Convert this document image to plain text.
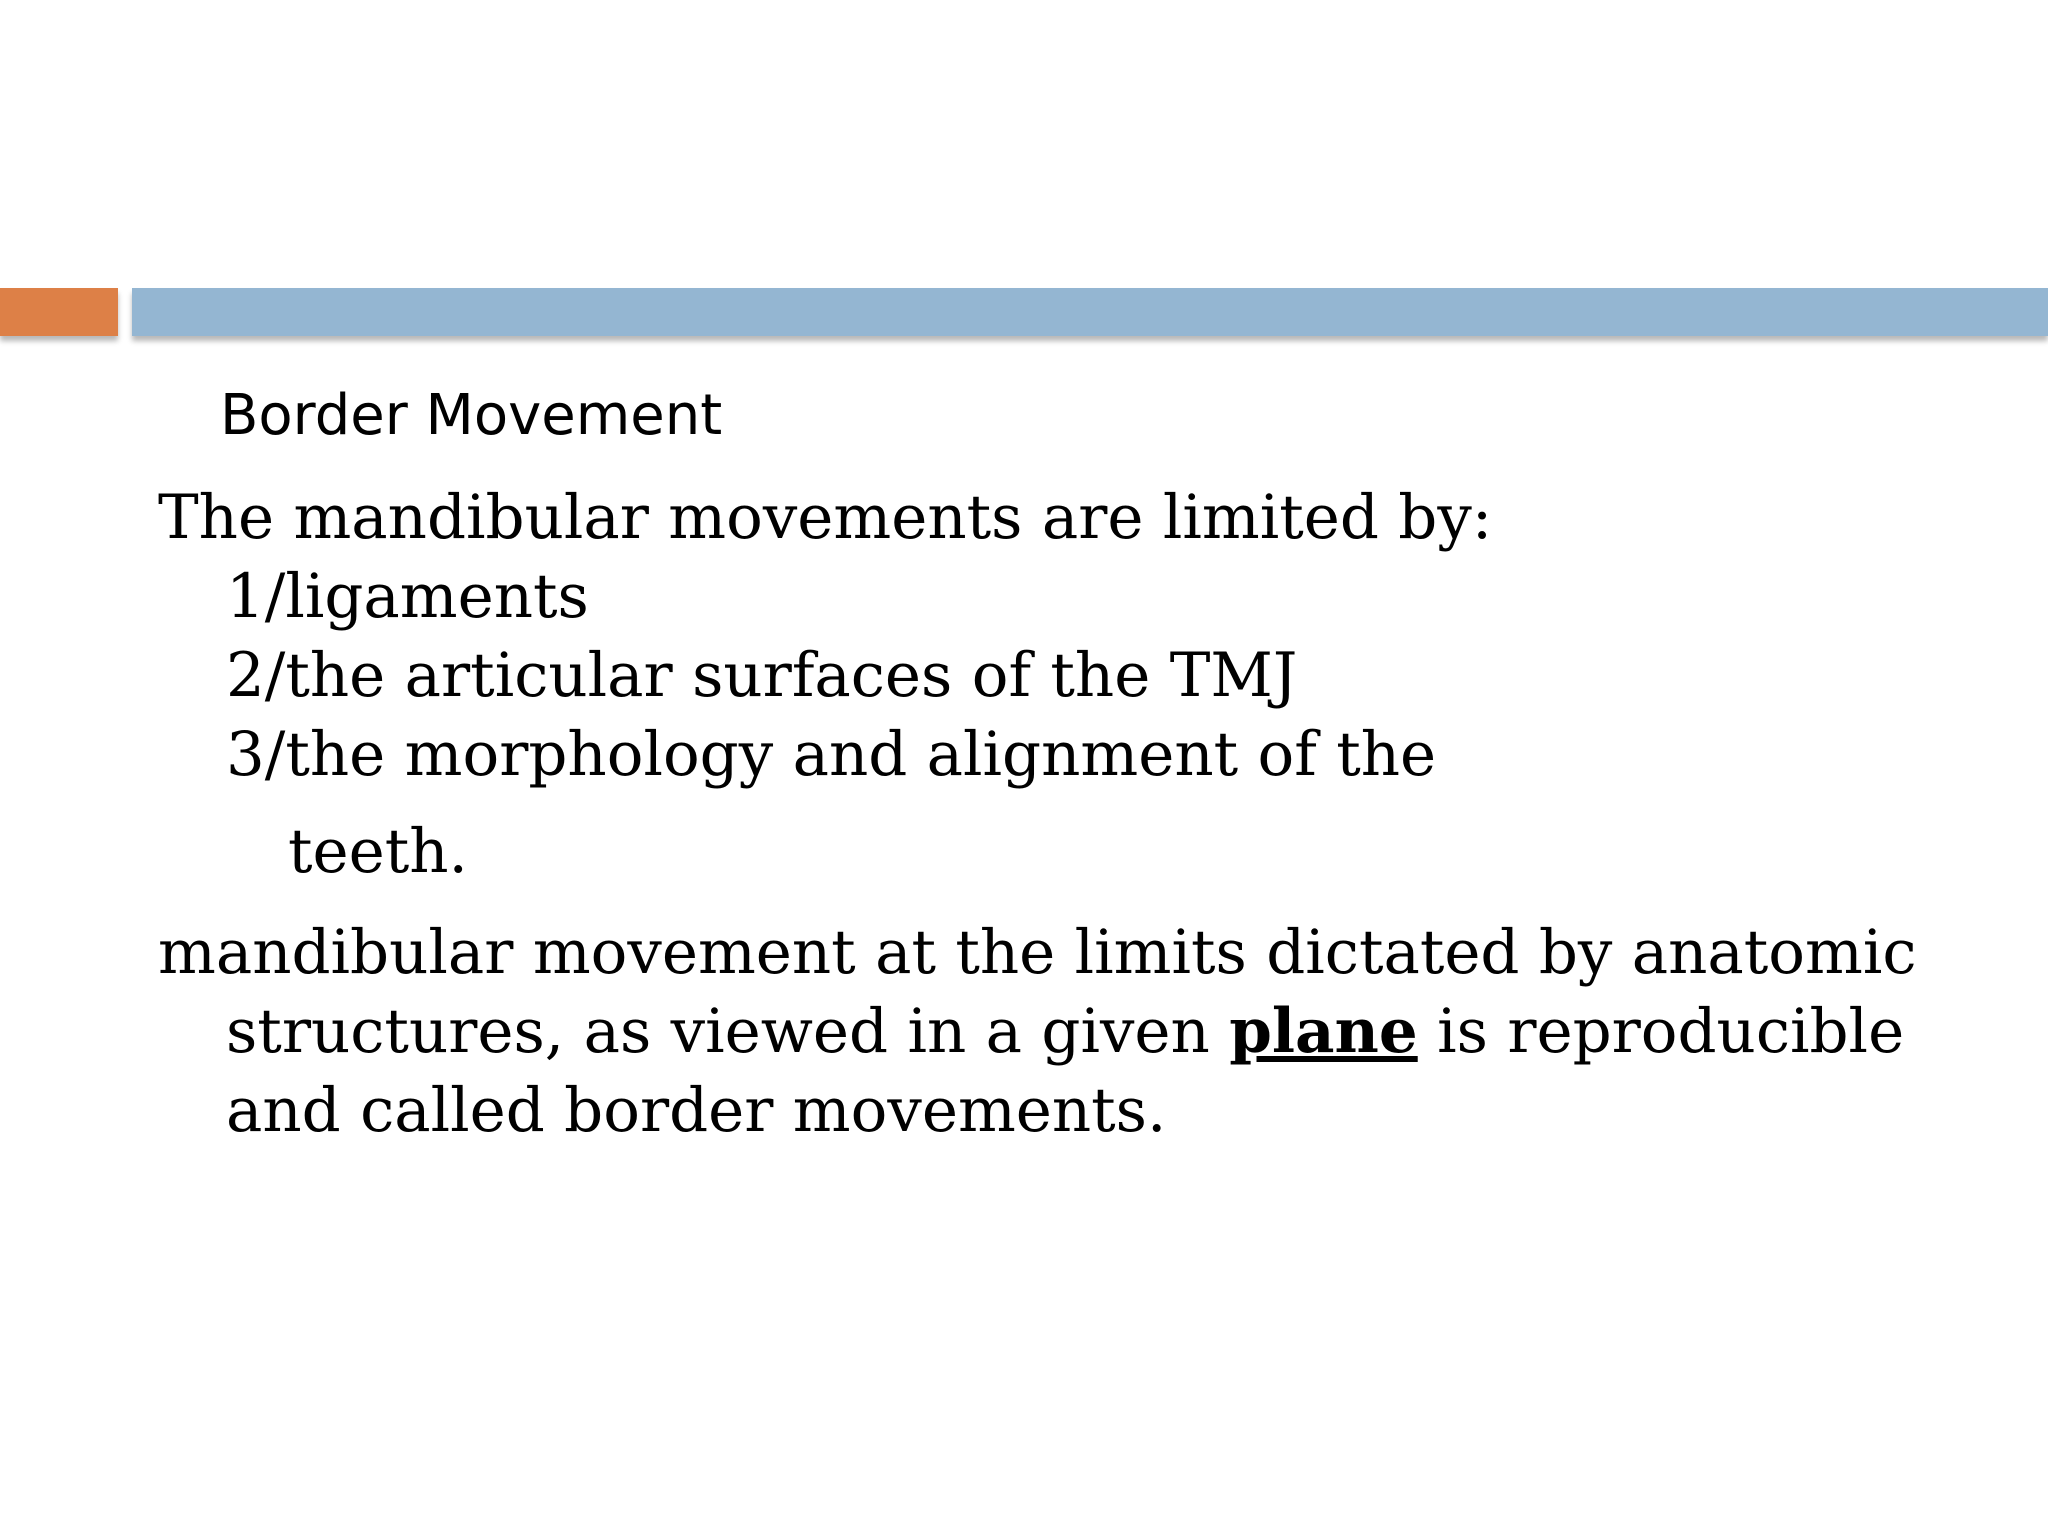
Border Movement

The mandibular movements are limited by:

1/ligaments

2/the articular surfaces of the TMJ

3/the morphology and alignment of the

teeth.

mandibular movement at the limits dictated by anatomic structures, as viewed in a given plane is reproducible and called border movements.
